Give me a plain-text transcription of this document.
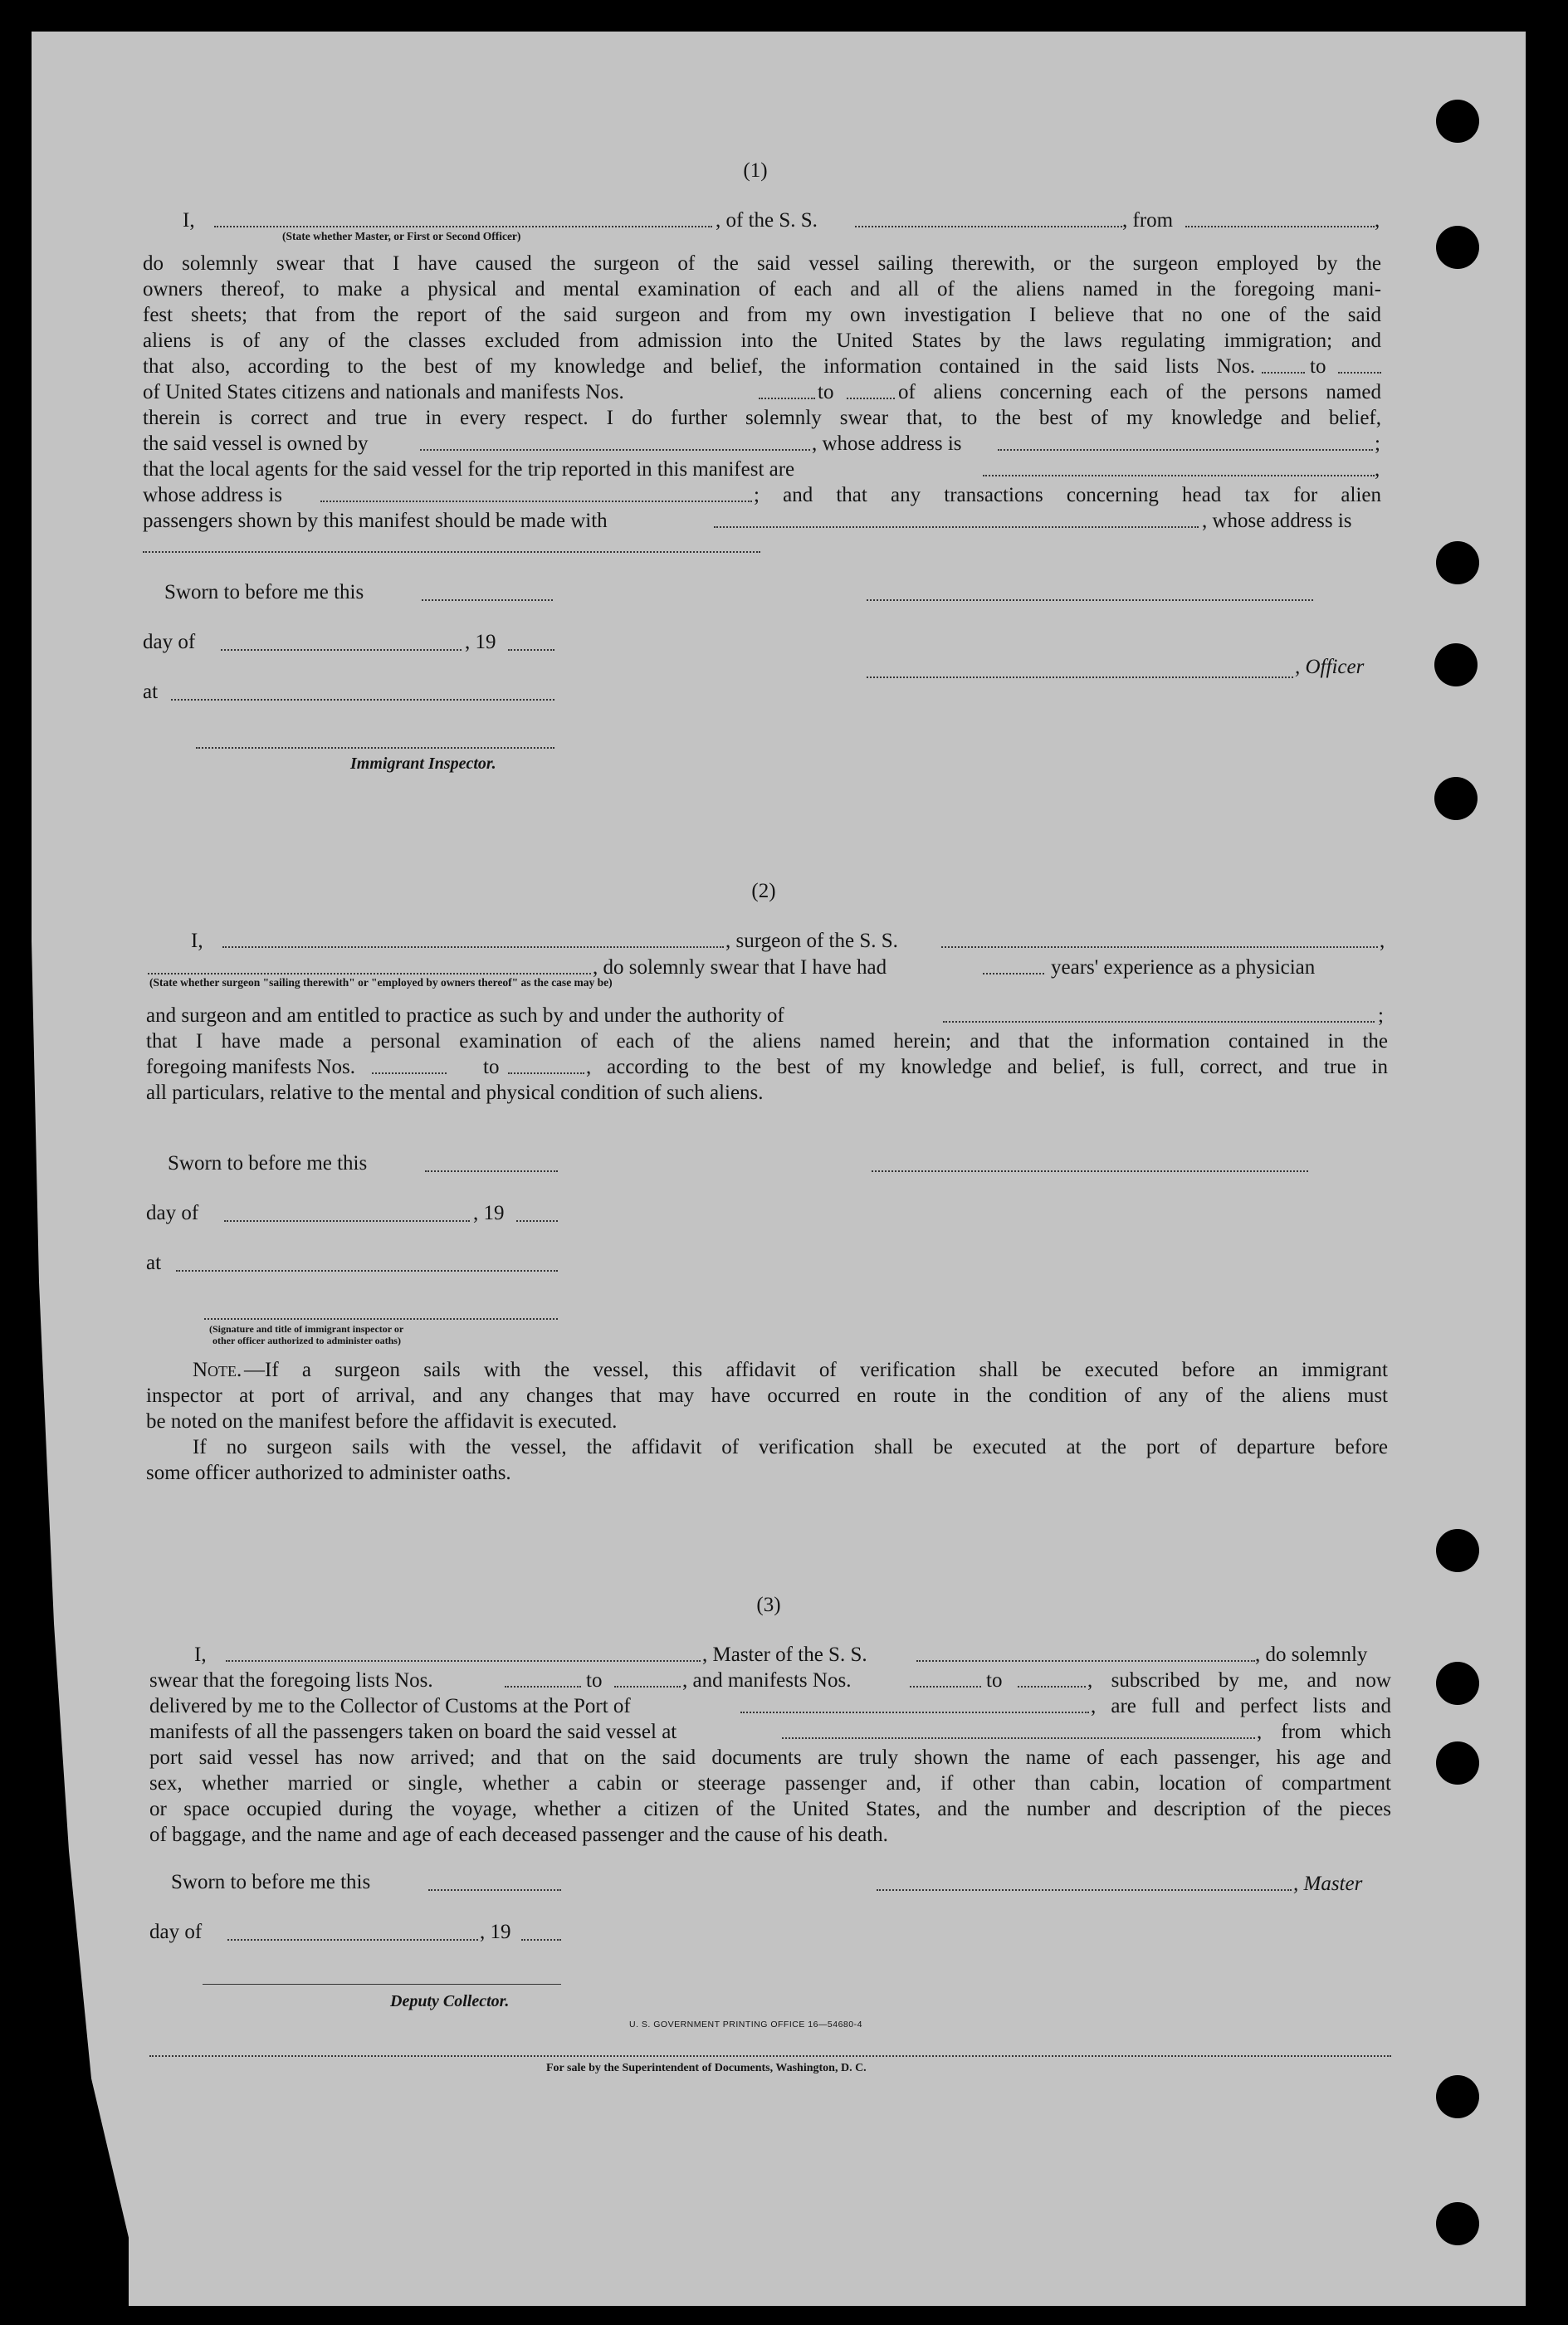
(1)
I,	, of the S. S.	, from	,
(State whether Master, or First or Second Officer)
do solemnly swear that I have caused the surgeon of the said vessel sailing therewith, or the surgeon employed by the
owners thereof, to make a physical and mental examination of each and all of the aliens named in the foregoing mani-
fest sheets; that from the report of the said surgeon and from my own investigation I believe that no one of the said
aliens is of any of the classes excluded from admission into the United States by the laws regulating immigration; and
that also, according to the best of my knowledge and belief, the information contained in the said lists Nos.	to
of United States citizens and nationals and manifests Nos.	to	of aliens concerning each of the persons named
therein is correct and true in every respect. I do further solemnly swear that, to the best of my knowledge and belief,
the said vessel is owned by	, whose address is	;
that the local agents for the said vessel for the trip reported in this manifest are	,
whose address is	; and that any transactions concerning head tax for alien
passengers shown by this manifest should be made with	, whose address is
Sworn to before me this
day of	, 19
, Officer
at
Immigrant Inspector.
(2)
I,	, surgeon of the S. S.	,
, do solemnly swear that I have had	years' experience as a physician
(State whether surgeon "sailing therewith" or "employed by owners thereof" as the case may be)
and surgeon and am entitled to practice as such by and under the authority of	;
that I have made a personal examination of each of the aliens named herein; and that the information contained in the
foregoing manifests Nos.	to	, according to the best of my knowledge and belief, is full, correct, and true in
all particulars, relative to the mental and physical condition of such aliens.
Sworn to before me this
day of	, 19
at
(Signature and title of immigrant inspector or
other officer authorized to administer oaths)
Note. —If a surgeon sails with the vessel, this affidavit of verification shall be executed before an immigrant
inspector at port of arrival, and any changes that may have occurred en route in the condition of any of the aliens must
be noted on the manifest before the affidavit is executed.
If no surgeon sails with the vessel, the affidavit of verification shall be executed at the port of departure before
some officer authorized to administer oaths.
(3)
I,	, Master of the S. S.	, do solemnly
swear that the foregoing lists Nos.	to	, and manifests Nos.	to	, subscribed by me, and now
delivered by me to the Collector of Customs at the Port of	, are full and perfect lists and
manifests of all the passengers taken on board the said vessel at	, from which
port said vessel has now arrived; and that on the said documents are truly shown the name of each passenger, his age and
sex, whether married or single, whether a cabin or steerage passenger and, if other than cabin, location of compartment
or space occupied during the voyage, whether a citizen of the United States, and the number and description of the pieces
of baggage, and the name and age of each deceased passenger and the cause of his death.
Sworn to before me this	, Master
day of	, 19
Deputy Collector.
U. S. GOVERNMENT PRINTING OFFICE 16—54680-4
For sale by the Superintendent of Documents, Washington, D. C.
